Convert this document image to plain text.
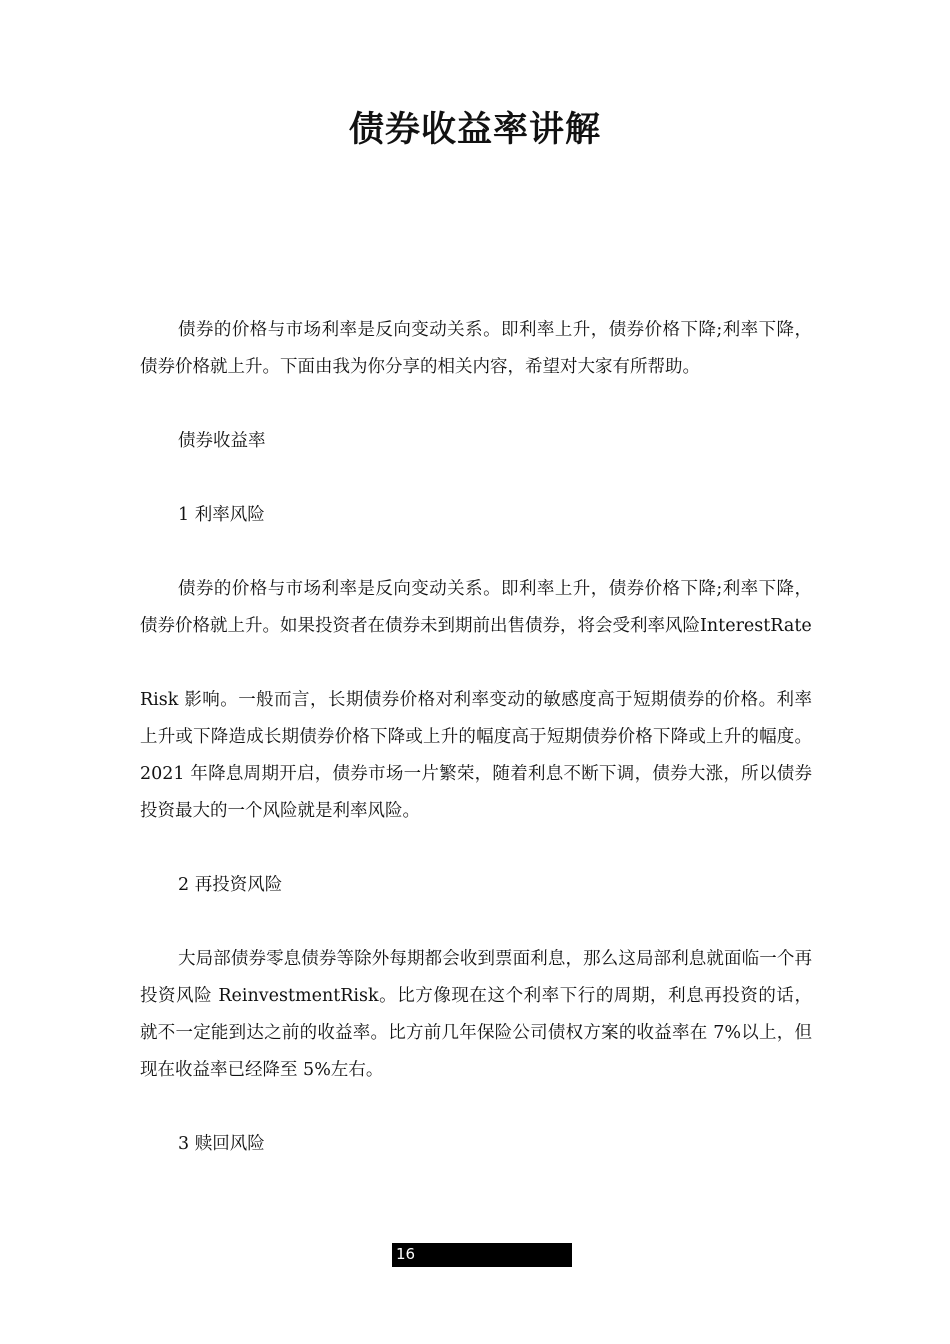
债券收益率讲解

债券的价格与市场利率是反向变动关系。即利率上升，债券价格下降;利率下降，债券价格就上升。下面由我为你分享的相关内容，希望对大家有所帮助。

债券收益率

1 利率风险

债券的价格与市场利率是反向变动关系。即利率上升，债券价格下降;利率下降，债券价格就上升。如果投资者在债券未到期前出售债券，将会受利率风险InterestRate

Risk 影响。一般而言，长期债券价格对利率变动的敏感度高于短期债券的价格。利率上升或下降造成长期债券价格下降或上升的幅度高于短期债券价格下降或上升的幅度。2021 年降息周期开启，债券市场一片繁荣，随着利息不断下调，债券大涨，所以债券投资最大的一个风险就是利率风险。

2 再投资风险

大局部债券零息债券等除外每期都会收到票面利息，那么这局部利息就面临一个再投资风险 ReinvestmentRisk。比方像现在这个利率下行的周期，利息再投资的话，就不一定能到达之前的收益率。比方前几年保险公司债权方案的收益率在 7%以上，但现在收益率已经降至 5%左右。

3 赎回风险

16
